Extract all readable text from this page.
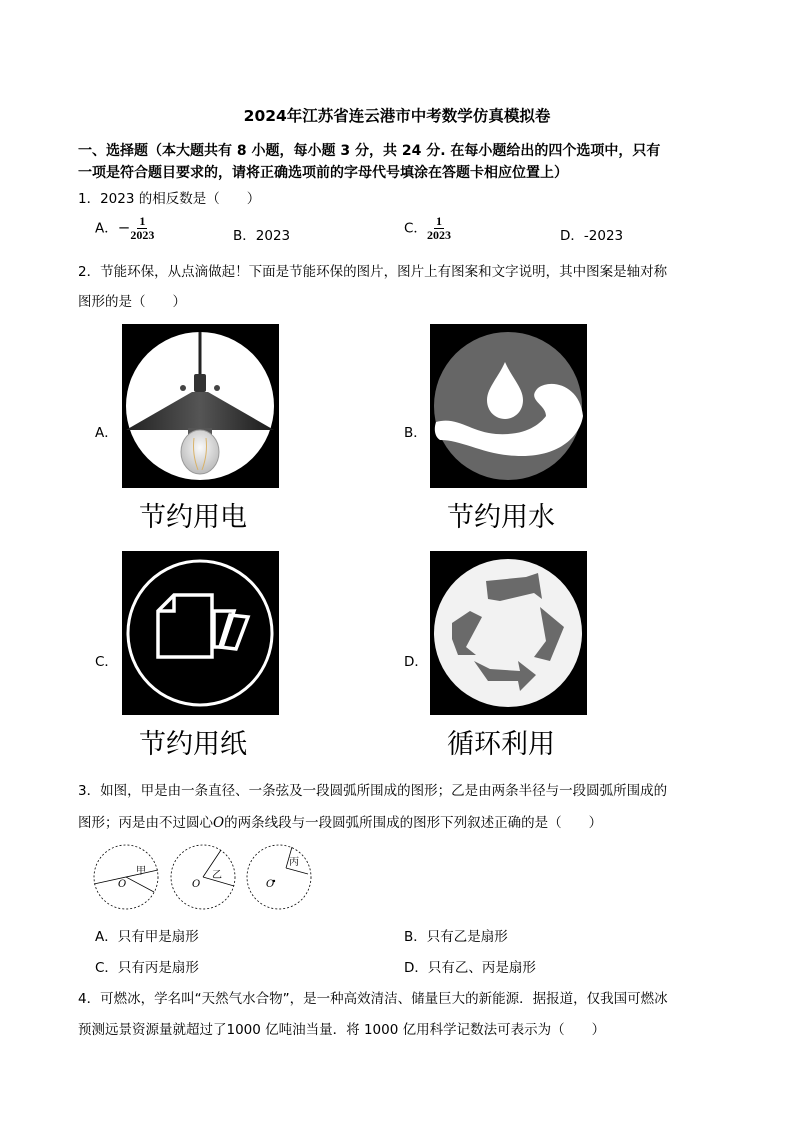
2024年江苏省连云港市中考数学仿真模拟卷
一、选择题（本大题共有 8 小题，每小题 3 分，共 24 分. 在每小题给出的四个选项中，只有
一项是符合题目要求的，请将正确选项前的字母代号填涂在答题卡相应位置上）
1．2023 的相反数是（　　）
A．− $\frac{1}{2023}$	B．2023	C． $\frac{1}{2023}$	D．-2023
2．节能环保，从点滴做起！下面是节能环保的图片，图片上有图案和文字说明，其中图案是轴对称
图形的是（　　）
A．
节约用电
B．
节约用水
C．
节约用纸
D．
循环利用
3．如图，甲是由一条直径、一条弦及一段圆弧所围成的图形；乙是由两条半径与一段圆弧所围成的
图形；丙是由不过圆心O的两条线段与一段圆弧所围成的图形下列叙述正确的是（　　）
甲
O
乙
O
丙
O
A．只有甲是扇形	B．只有乙是扇形
C．只有丙是扇形	D．只有乙、丙是扇形
4．可燃冰，学名叫“天然气水合物”，是一种高效清洁、储量巨大的新能源．据报道，仅我国可燃冰
预测远景资源量就超过了1000 亿吨油当量．将 1000 亿用科学记数法可表示为（　　）
